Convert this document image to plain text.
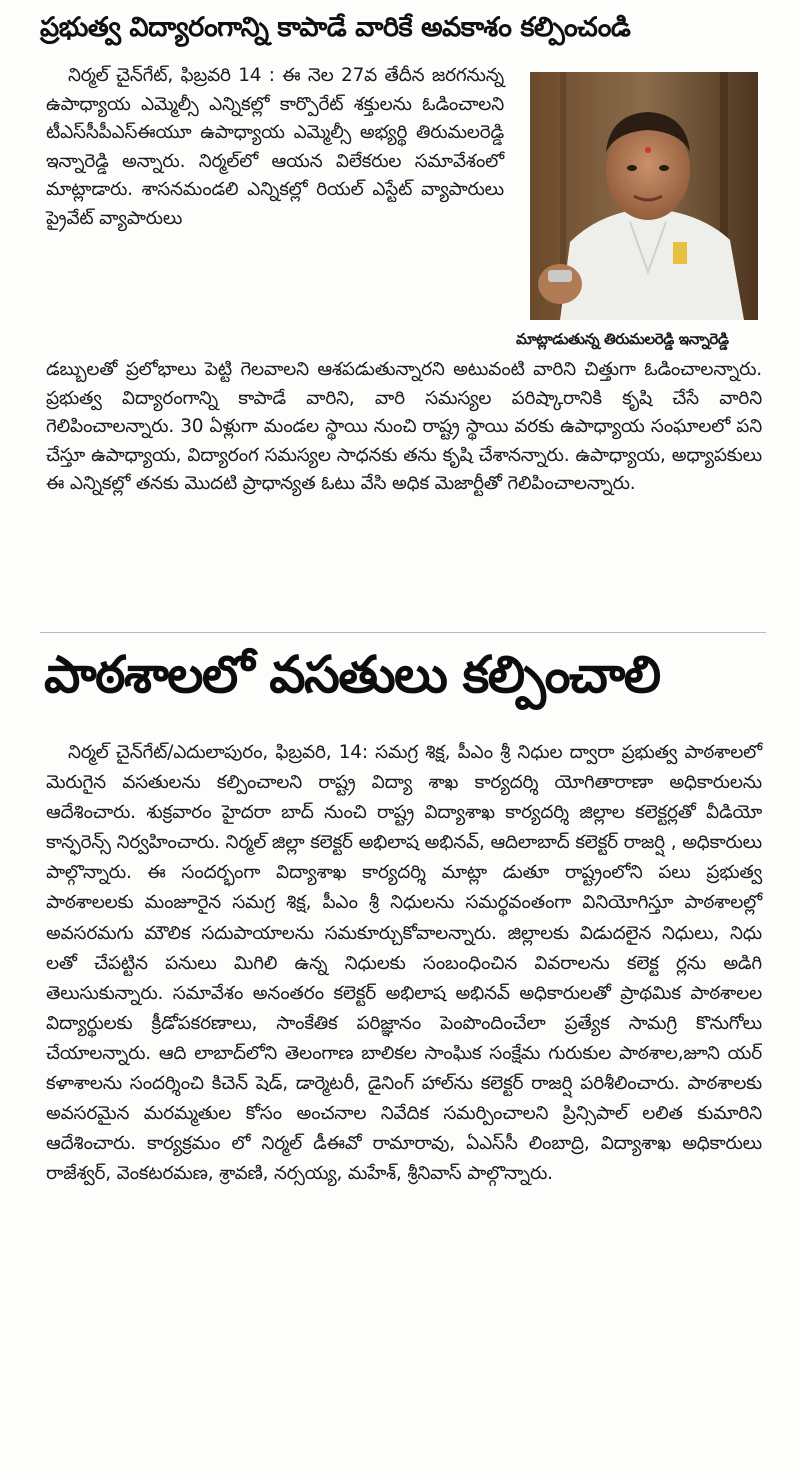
ప్రభుత్వ విద్యారంగాన్ని కాపాడే వారికే అవకాశం కల్పించండి
నిర్మల్ చైన్‌గేట్, ఫిబ్రవరి 14 : ఈ నెల 27వ తేదీన జరగనున్న ఉపాధ్యాయ ఎమ్మెల్సీ ఎన్నికల్లో కార్పొరేట్ శక్తులను ఓడించాలని టీఎస్‌సీపీఎస్ఈయూ ఉపాధ్యాయ ఎమ్మెల్సీ అభ్యర్థి తిరుమలరెడ్డి ఇన్నారెడ్డి అన్నారు. నిర్మల్‌లో ఆయన విలేకరుల సమావేశంలో మాట్లాడారు. శాసనమండలి ఎన్నికల్లో రియల్ ఎస్టేట్ వ్యాపారులు ప్రైవేట్ వ్యాపారులు
మాట్లాడుతున్న తిరుమలరెడ్డి ఇన్నారెడ్డి
డబ్బులతో ప్రలోభాలు పెట్టి గెలవాలని ఆశపడుతున్నారని అటువంటి వారిని చిత్తుగా ఓడించాలన్నారు. ప్రభుత్వ విద్యారంగాన్ని కాపాడే వారిని, వారి సమస్యల పరిష్కారానికి కృషి చేసే వారిని గెలిపించాలన్నారు. 30 ఏళ్లుగా మండల స్థాయి నుంచి రాష్ట్ర స్థాయి వరకు ఉపాధ్యాయ సంఘాలలో పని చేస్తూ ఉపాధ్యాయ, విద్యారంగ సమస్యల సాధనకు తను కృషి చేశానన్నారు. ఉపాధ్యాయ, అధ్యాపకులు ఈ ఎన్నికల్లో తనకు మొదటి ప్రాధాన్యత ఓటు వేసి అధిక మెజార్టీతో గెలిపించాలన్నారు.
పాఠశాలలో వసతులు కల్పించాలి
నిర్మల్ చైన్‌గేట్/ఎదులాపురం, ఫిబ్రవరి, 14: సమగ్ర శిక్ష, పీఎం శ్రీ నిధుల ద్వారా ప్రభుత్వ పాఠశాలలో మెరుగైన వసతులను కల్పించాలని రాష్ట్ర విద్యా శాఖ కార్యదర్శి యోగితారాణా అధికారులను ఆదేశించారు. శుక్రవారం హైదరా బాద్ నుంచి రాష్ట్ర విద్యాశాఖ కార్యదర్శి జిల్లాల కలెక్టర్లతో వీడియో కాన్ఫరెన్స్ నిర్వహించారు. నిర్మల్ జిల్లా కలెక్టర్ అభిలాష అభినవ్, ఆదిలాబాద్ కలెక్టర్ రాజర్షి , అధికారులు పాల్గొన్నారు. ఈ సందర్భంగా విద్యాశాఖ కార్యదర్శి మాట్లా డుతూ రాష్ట్రంలోని పలు ప్రభుత్వ పాఠశాలలకు మంజూరైన సమగ్ర శిక్ష, పీఎం శ్రీ నిధులను సమర్థవంతంగా వినియోగిస్తూ పాఠశాలల్లో అవసరమగు మౌలిక సదుపాయాలను సమకూర్చుకోవాలన్నారు. జిల్లాలకు విడుదలైన నిధులు, నిధు లతో చేపట్టిన పనులు మిగిలి ఉన్న నిధులకు సంబంధించిన వివరాలను కలెక్ట ర్లను అడిగి తెలుసుకున్నారు. సమావేశం అనంతరం కలెక్టర్ అభిలాష అభినవ్ అధికారులతో ప్రాథమిక పాఠశాలల విద్యార్థులకు క్రీడోపకరణాలు, సాంకేతిక పరిజ్ఞానం పెంపొందించేలా ప్రత్యేక సామగ్రి కొనుగోలు చేయాలన్నారు. ఆది లాబాద్‌లోని తెలంగాణ బాలికల సాంఘిక సంక్షేమ గురుకుల పాఠశాల,జూని యర్ కళాశాలను సందర్శించి కిచెన్ షెడ్, డార్మెటరీ, డైనింగ్ హాల్‌ను కలెక్టర్ రాజర్షి పరిశీలించారు. పాఠశాలకు అవసరమైన మరమ్మతుల కోసం అంచనాల నివేదిక సమర్పించాలని ప్రిన్సిపాల్ లలిత కుమారిని ఆదేశించారు. కార్యక్రమం లో నిర్మల్ డీఈవో రామారావు, ఏఎస్‌సీ లింబాద్రి, విద్యాశాఖ అధికారులు రాజేశ్వర్, వెంకటరమణ, శ్రావణి, నర్సయ్య, మహేశ్, శ్రీనివాస్ పాల్గొన్నారు.
